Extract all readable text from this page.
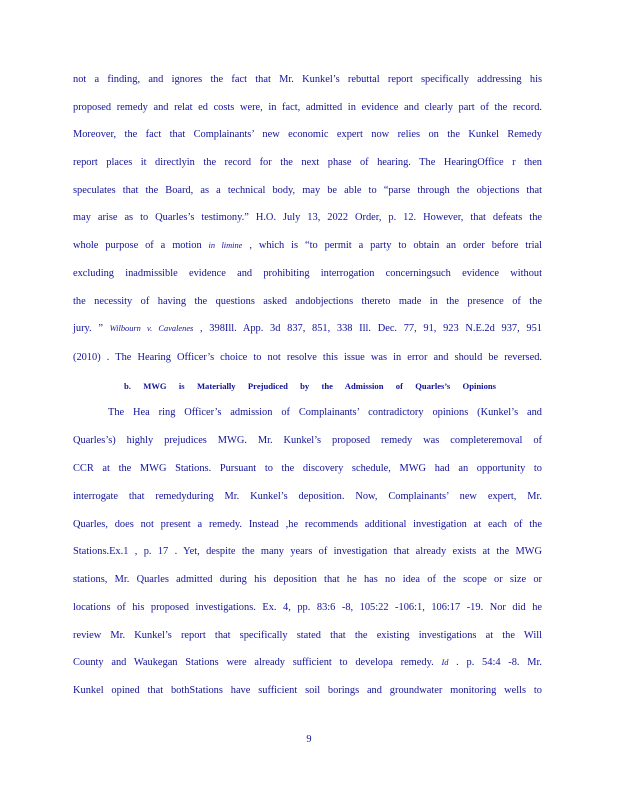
not a finding, and ignores the fact that Mr. Kunkel’s rebuttal report specifically addressing his
proposed remedy and relat ed costs were, in fact, admitted in evidence and clearly part of the record.
Moreover, the fact that Complainants’ new economic expert now relies on the Kunkel Remedy
report places it directlyin the record for the next phase of hearing. The HearingOffice r then
speculates that the Board, as a technical body, may be able to “parse through the objections that
may arise as to Quarles’s testimony.” H.O. July 13, 2022 Order, p. 12. However, that defeats the
whole purpose of a motion in limine , which is “to permit a party to obtain an order before trial
excluding inadmissible evidence and prohibiting interrogation concerningsuch evidence without
the necessity of having the questions asked andobjections thereto made in the presence of the
jury. ” Wilbourn v. Cavalenes , 398Ill. App. 3d 837, 851, 338 Ill. Dec. 77, 91, 923 N.E.2d 937, 951
(2010) . The Hearing Officer’s choice to not resolve this issue was in error and should be reversed.
b. MWG is Materially Prejudiced by the Admission of Quarles’s Opinions
The Hea ring Officer’s admission of Complainants’ contradictory opinions (Kunkel’s and
Quarles’s) highly prejudices MWG. Mr. Kunkel’s proposed remedy was completeremoval of
CCR at the MWG Stations. Pursuant to the discovery schedule, MWG had an opportunity to
interrogate that remedyduring Mr. Kunkel’s deposition. Now, Complainants’ new expert, Mr.
Quarles, does not present a remedy. Instead ,he recommends additional investigation at each of the
Stations.Ex.1 , p. 17 . Yet, despite the many years of investigation that already exists at the MWG
stations, Mr. Quarles admitted during his deposition that he has no idea of the scope or size or
locations of his proposed investigations. Ex. 4, pp. 83:6 -8, 105:22 -106:1, 106:17 -19. Nor did he
review Mr. Kunkel’s report that specifically stated that the existing investigations at the Will
County and Waukegan Stations were already sufficient to developa remedy. Id . p. 54:4 -8. Mr.
Kunkel opined that bothStations have sufficient soil borings and groundwater monitoring wells to
9
